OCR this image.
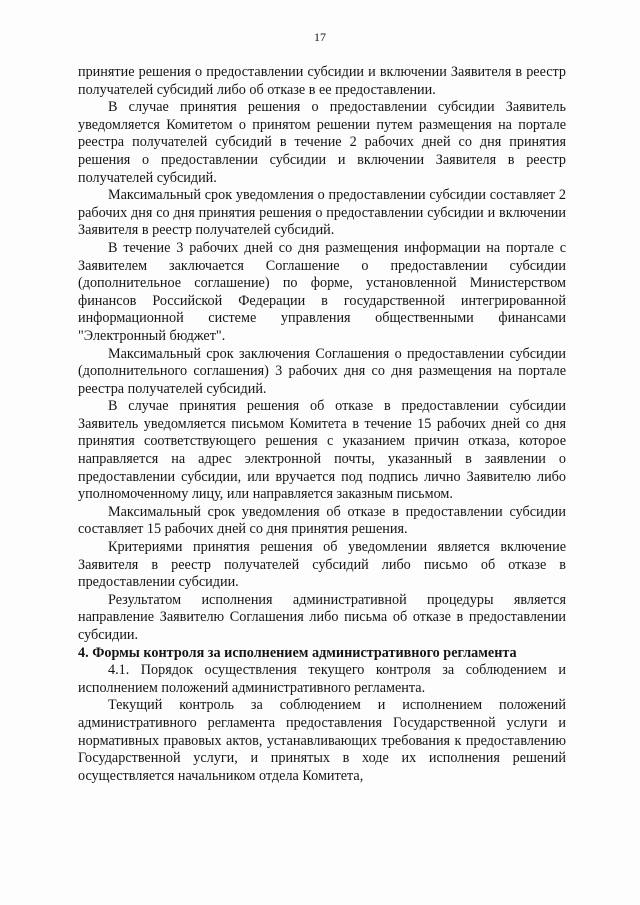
17

принятие решения о предоставлении субсидии и включении Заявителя в реестр получателей субсидий либо об отказе в ее предоставлении.

В случае принятия решения о предоставлении субсидии Заявитель уведомляется Комитетом о принятом решении путем размещения на портале реестра получателей субсидий в течение 2 рабочих дней со дня принятия решения о предоставлении субсидии и включении Заявителя в реестр получателей субсидий.

Максимальный срок уведомления о предоставлении субсидии составляет 2 рабочих дня со дня принятия решения о предоставлении субсидии и включении Заявителя в реестр получателей субсидий.

В течение 3 рабочих дней со дня размещения информации на портале с Заявителем заключается Соглашение о предоставлении субсидии (дополнительное соглашение) по форме, установленной Министерством финансов Российской Федерации в государственной интегрированной информационной системе управления общественными финансами "Электронный бюджет".

Максимальный срок заключения Соглашения о предоставлении субсидии (дополнительного соглашения) 3 рабочих дня со дня размещения на портале реестра получателей субсидий.

В случае принятия решения об отказе в предоставлении субсидии Заявитель уведомляется письмом Комитета в течение 15 рабочих дней со дня принятия соответствующего решения с указанием причин отказа, которое направляется на адрес электронной почты, указанный в заявлении о предоставлении субсидии, или вручается под подпись лично Заявителю либо уполномоченному лицу, или направляется заказным письмом.

Максимальный срок уведомления об отказе в предоставлении субсидии составляет 15 рабочих дней со дня принятия решения.

Критериями принятия решения об уведомлении является включение Заявителя в реестр получателей субсидий либо письмо об отказе в предоставлении субсидии.

Результатом исполнения административной процедуры является направление Заявителю Соглашения либо письма об отказе в предоставлении субсидии.

4. Формы контроля за исполнением административного регламента

4.1. Порядок осуществления текущего контроля за соблюдением и исполнением положений административного регламента.

Текущий контроль за соблюдением и исполнением положений административного регламента предоставления Государственной услуги и нормативных правовых актов, устанавливающих требования к предоставлению Государственной услуги, и принятых в ходе их исполнения решений осуществляется начальником отдела Комитета,
